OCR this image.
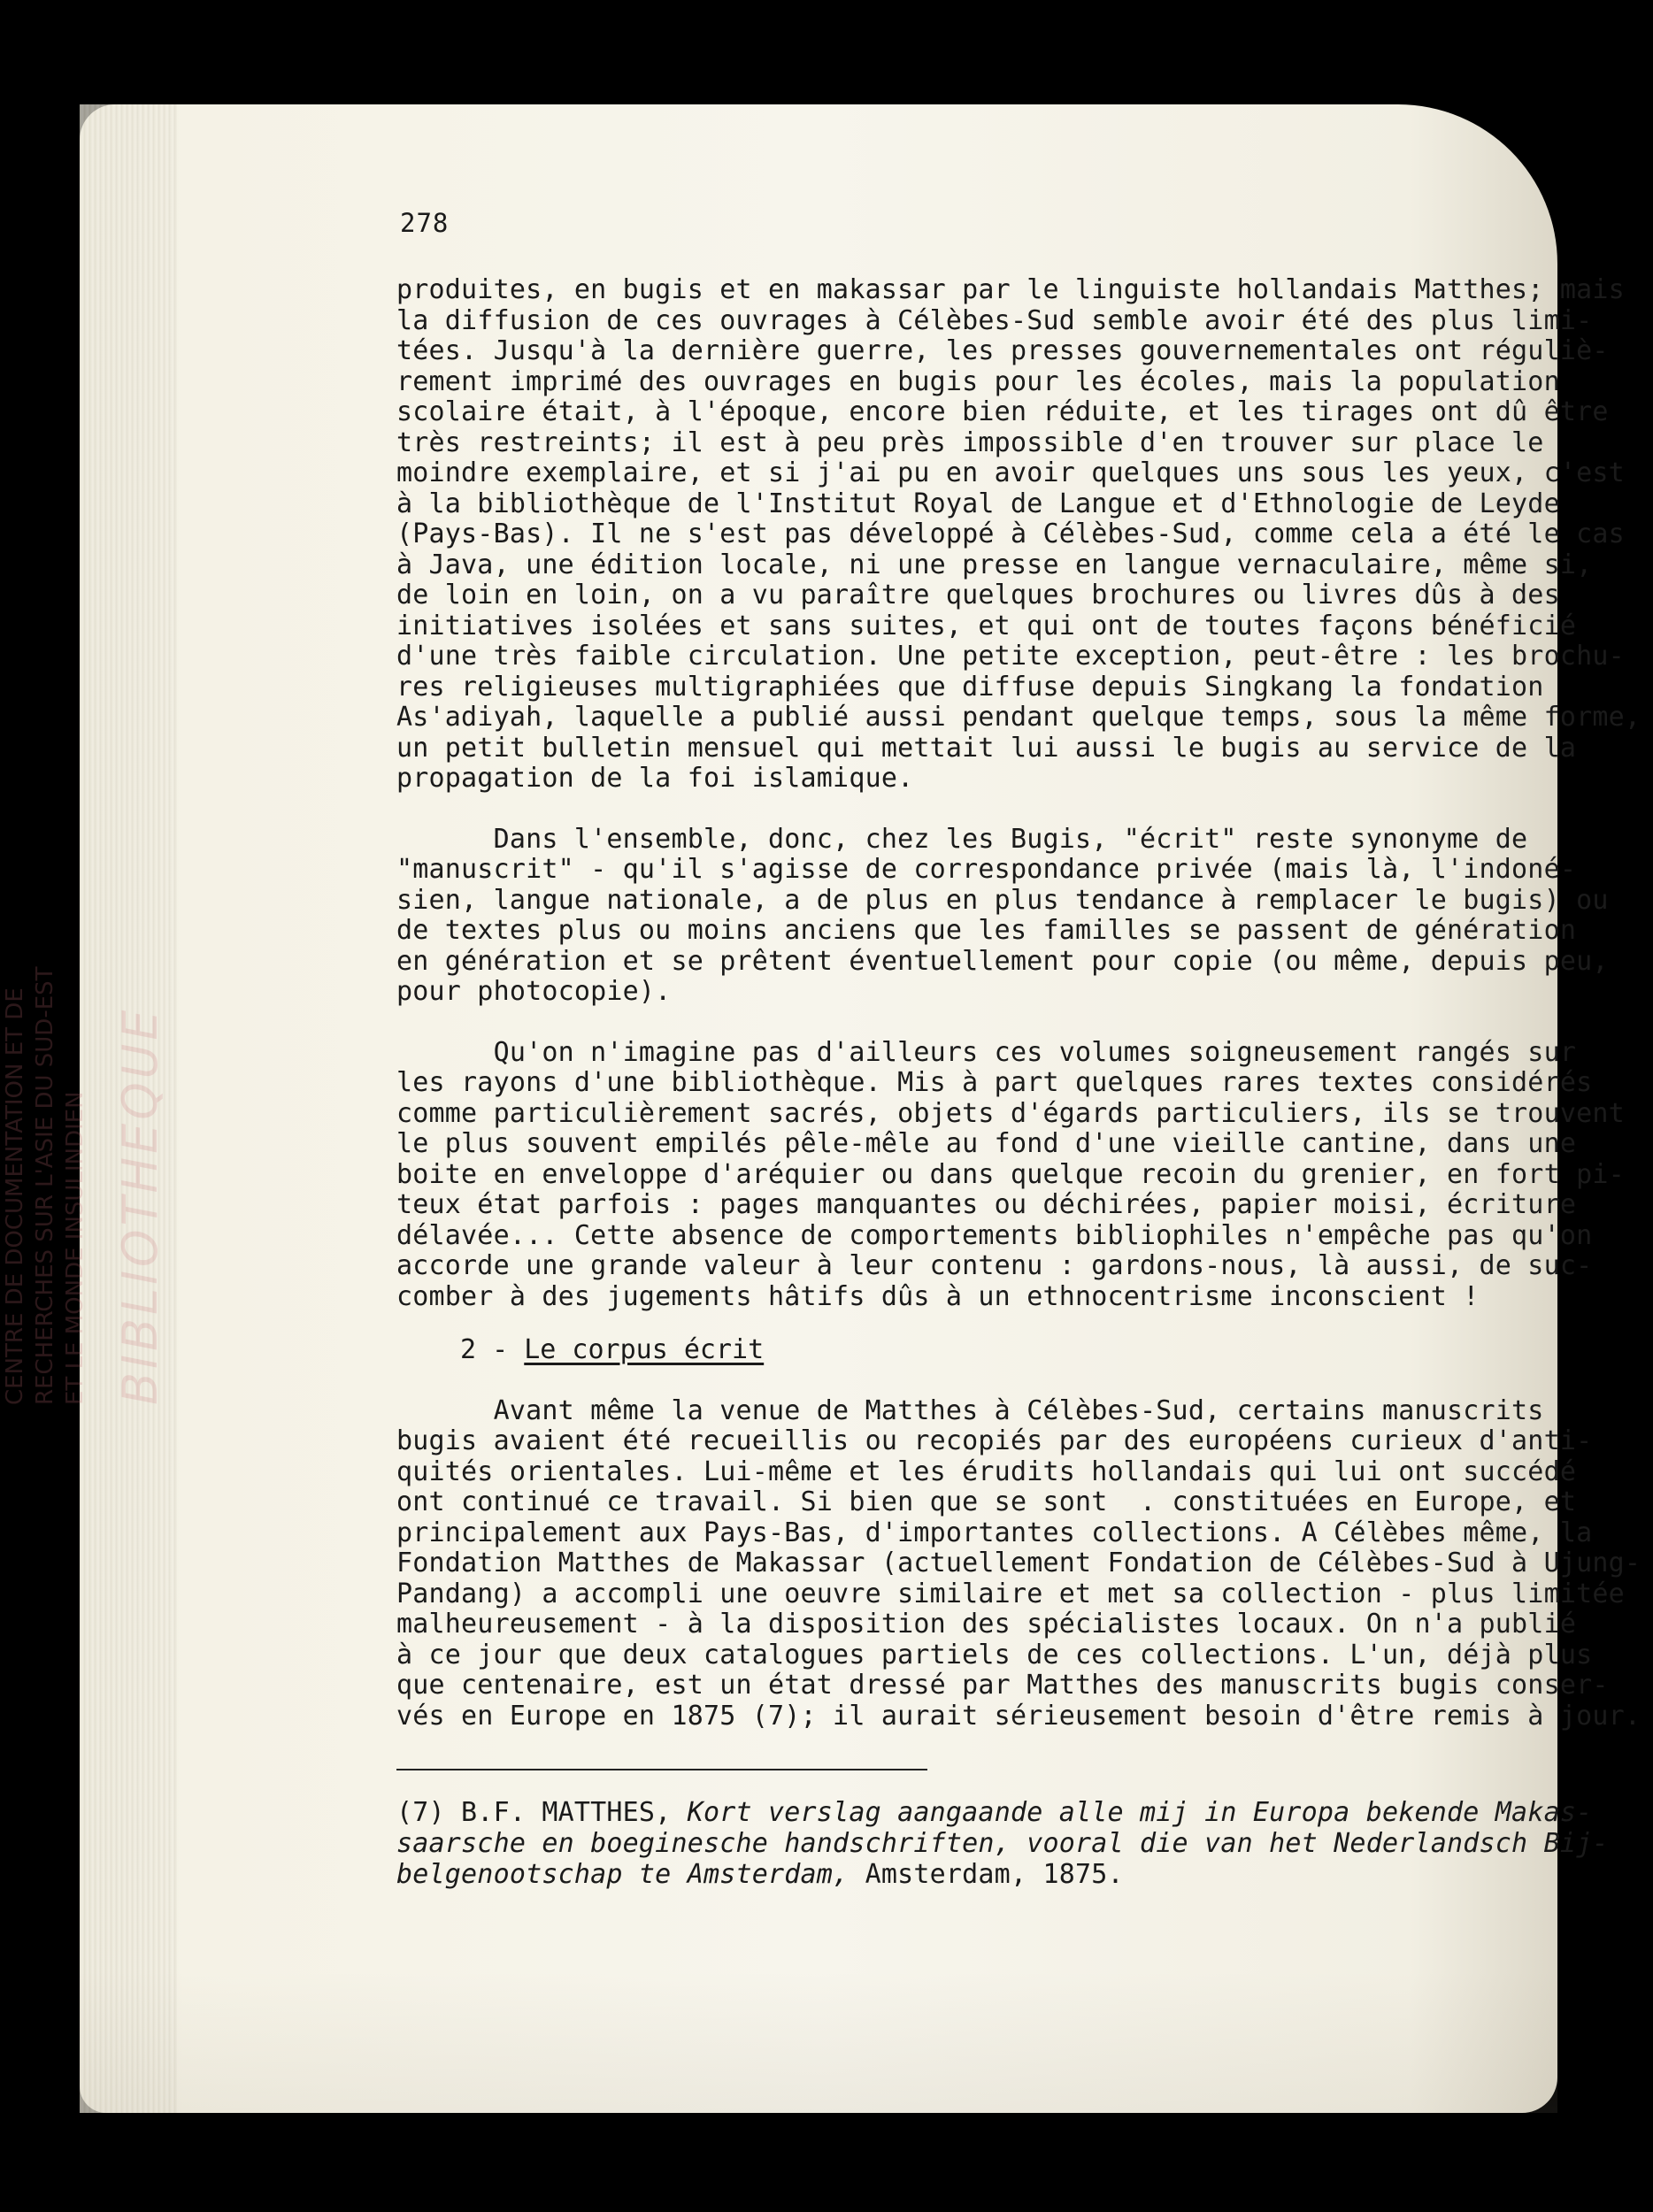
CENTRE DE DOCUMENTATION ET DE RECHERCHES SUR L'ASIE DU SUD-EST ET LE MONDE INSULINDIEN
278
produites, en bugis et en makassar par le linguiste hollandais Matthes; mais
la diffusion de ces ouvrages à Célèbes-Sud semble avoir été des plus limi-
tées. Jusqu'à la dernière guerre, les presses gouvernementales ont réguliè-
rement imprimé des ouvrages en bugis pour les écoles, mais la population
scolaire était, à l'époque, encore bien réduite, et les tirages ont dû être
très restreints; il est à peu près impossible d'en trouver sur place le
moindre exemplaire, et si j'ai pu en avoir quelques uns sous les yeux, c'est
à la bibliothèque de l'Institut Royal de Langue et d'Ethnologie de Leyde
(Pays-Bas). Il ne s'est pas développé à Célèbes-Sud, comme cela a été le cas
à Java, une édition locale, ni une presse en langue vernaculaire, même si,
de loin en loin, on a vu paraître quelques brochures ou livres dûs à des
initiatives isolées et sans suites, et qui ont de toutes façons bénéficié
d'une très faible circulation. Une petite exception, peut-être : les brochu-
res religieuses multigraphiées que diffuse depuis Singkang la fondation
As'adiyah, laquelle a publié aussi pendant quelque temps, sous la même forme,
un petit bulletin mensuel qui mettait lui aussi le bugis au service de la
propagation de la foi islamique.
Dans l'ensemble, donc, chez les Bugis, "écrit" reste synonyme de
"manuscrit" - qu'il s'agisse de correspondance privée (mais là, l'indoné-
sien, langue nationale, a de plus en plus tendance à remplacer le bugis) ou
de textes plus ou moins anciens que les familles se passent de génération
en génération et se prêtent éventuellement pour copie (ou même, depuis peu,
pour photocopie).
Qu'on n'imagine pas d'ailleurs ces volumes soigneusement rangés sur
les rayons d'une bibliothèque. Mis à part quelques rares textes considérés
comme particulièrement sacrés, objets d'égards particuliers, ils se trouvent
le plus souvent empilés pêle-mêle au fond d'une vieille cantine, dans une
boite en enveloppe d'aréquier ou dans quelque recoin du grenier, en fort pi-
teux état parfois : pages manquantes ou déchirées, papier moisi, écriture
délavée... Cette absence de comportements bibliophiles n'empêche pas qu'on
accorde une grande valeur à leur contenu : gardons-nous, là aussi, de suc-
comber à des jugements hâtifs dûs à un ethnocentrisme inconscient !
2 - Le corpus écrit
Avant même la venue de Matthes à Célèbes-Sud, certains manuscrits
bugis avaient été recueillis ou recopiés par des européens curieux d'anti-
quités orientales. Lui-même et les érudits hollandais qui lui ont succédé
ont continué ce travail. Si bien que se sont  . constituées en Europe, et
principalement aux Pays-Bas, d'importantes collections. A Célèbes même, la
Fondation Matthes de Makassar (actuellement Fondation de Célèbes-Sud à Ujung-
Pandang) a accompli une oeuvre similaire et met sa collection - plus limitée
malheureusement - à la disposition des spécialistes locaux. On n'a publié
à ce jour que deux catalogues partiels de ces collections. L'un, déjà plus
que centenaire, est un état dressé par Matthes des manuscrits bugis conser-
vés en Europe en 1875 (7); il aurait sérieusement besoin d'être remis à jour.
(7) B.F. MATTHES, Kort verslag aangaande alle mij in Europa bekende Makas-
saarsche en boeginesche handschriften, vooral die van het Nederlandsch Bij-
belgenootschap te Amsterdam, Amsterdam, 1875.
